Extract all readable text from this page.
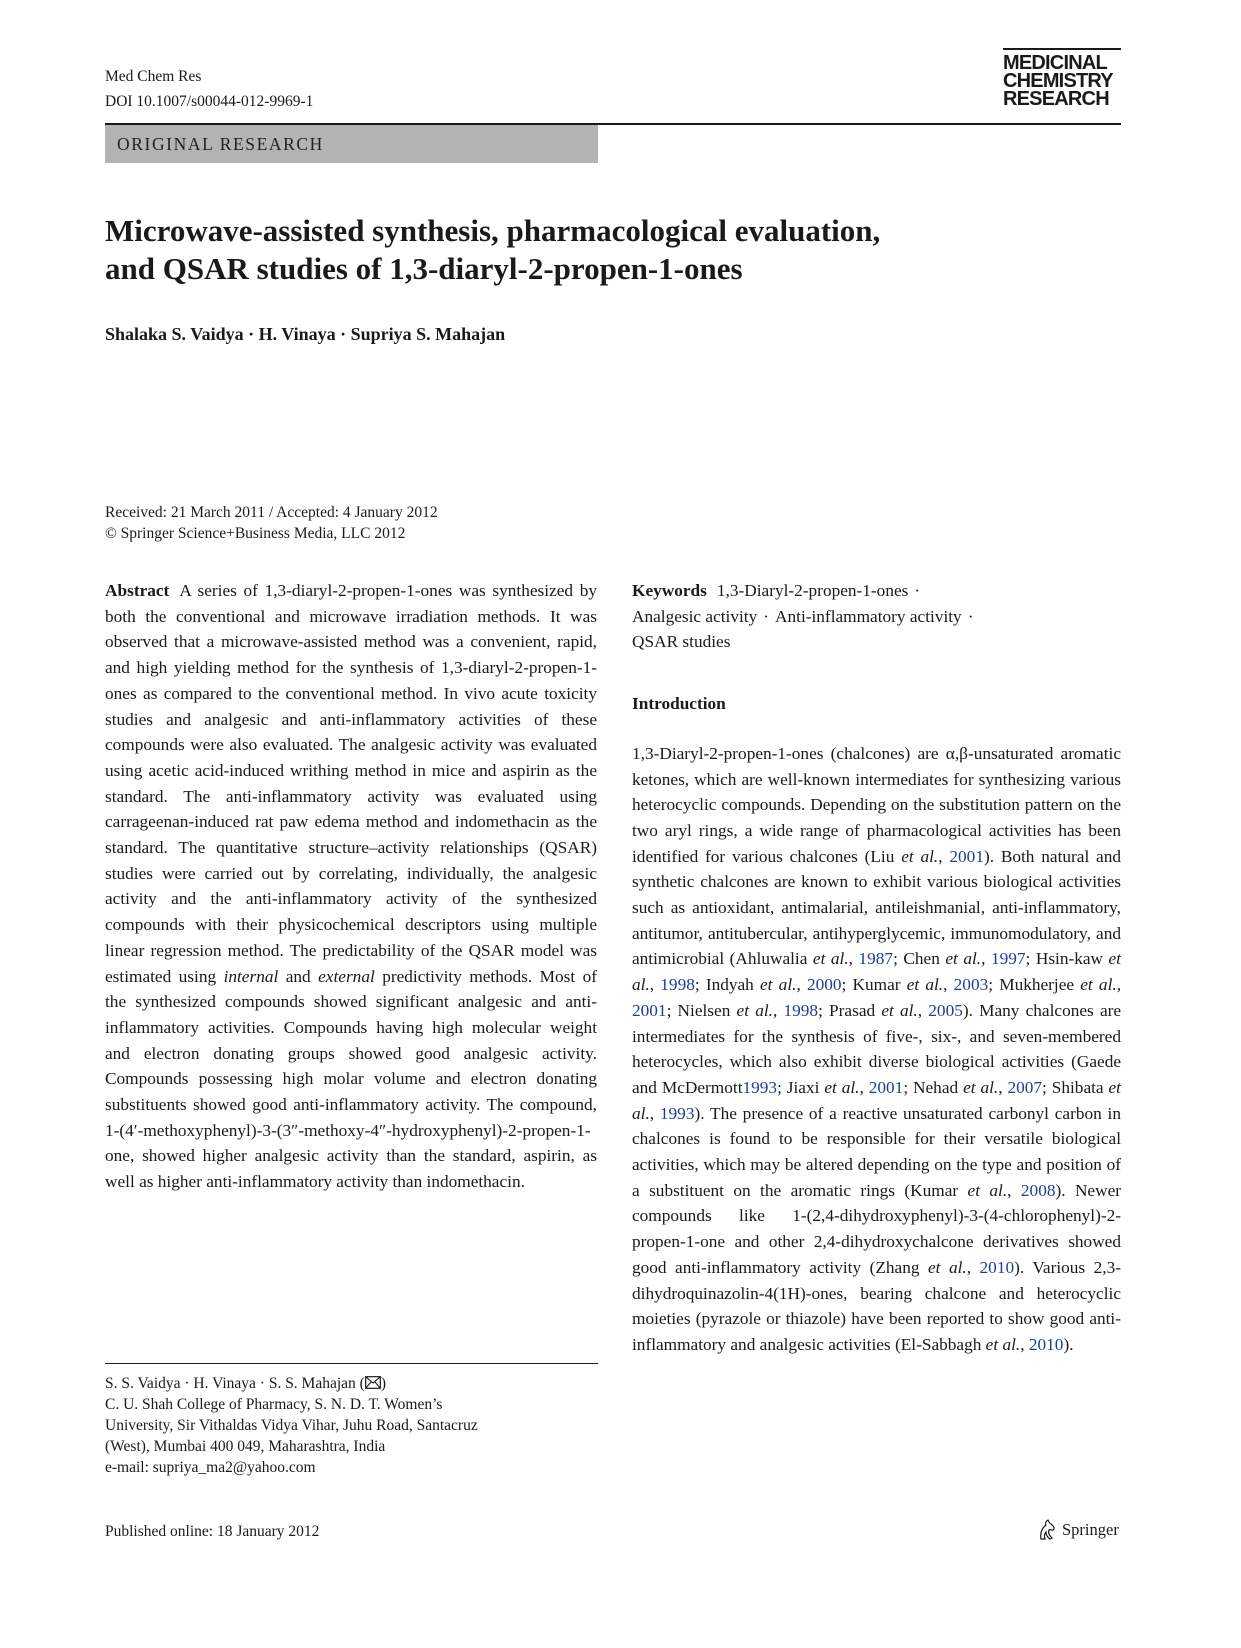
Med Chem Res
DOI 10.1007/s00044-012-9969-1
MEDICINAL
CHEMISTRY
RESEARCH
ORIGINAL RESEARCH
Microwave-assisted synthesis, pharmacological evaluation,
and QSAR studies of 1,3-diaryl-2-propen-1-ones
Shalaka S. Vaidya · H. Vinaya · Supriya S. Mahajan
Received: 21 March 2011 / Accepted: 4 January 2012
© Springer Science+Business Media, LLC 2012

Abstract A series of 1,3-diaryl-2-propen-1-ones was synthesized by both the conventional and microwave irradiation methods. It was observed that a microwave-assisted method was a convenient, rapid, and high yielding method for the synthesis of 1,3-diaryl-2-propen-1-ones as compared to the conventional method. In vivo acute toxicity studies and analgesic and anti-inflammatory activities of these compounds were also evaluated. The analgesic activity was evaluated using acetic acid-induced writhing method in mice and aspirin as the standard. The anti-inflammatory activity was evaluated using carrageenan-induced rat paw edema method and indomethacin as the standard. The quantitative structure–activity relationships (QSAR) studies were carried out by correlating, individually, the analgesic activity and the anti-inflammatory activity of the synthesized compounds with their physicochemical descriptors using multiple linear regression method. The predictability of the QSAR model was estimated using internal and external predictivity methods. Most of the synthesized compounds showed significant analgesic and anti-inflammatory activities. Compounds having high molecular weight and electron donating groups showed good analgesic activity. Compounds possessing high molar volume and electron donating substituents showed good anti-inflammatory activity. The compound, 1-(4′-methoxyphenyl)-3-(3″-methoxy-4″-hydroxyphenyl)-2-propen-1-one, showed higher analgesic activity than the standard, aspirin, as well as higher anti-inflammatory activity than indomethacin.

Keywords 1,3-Diaryl-2-propen-1-ones ·
Analgesic activity · Anti-inflammatory activity ·
QSAR studies

Introduction

1,3-Diaryl-2-propen-1-ones (chalcones) are α,β-unsaturated aromatic ketones, which are well-known intermediates for synthesizing various heterocyclic compounds. Depending on the substitution pattern on the two aryl rings, a wide range of pharmacological activities has been identified for various chalcones (Liu et al., 2001). Both natural and synthetic chalcones are known to exhibit various biological activities such as antioxidant, antimalarial, antileishmanial, anti-inflammatory, antitumor, antitubercular, antihyperglycemic, immunomodulatory, and antimicrobial (Ahluwalia et al., 1987; Chen et al., 1997; Hsin-kaw et al., 1998; Indyah et al., 2000; Kumar et al., 2003; Mukherjee et al., 2001; Nielsen et al., 1998; Prasad et al., 2005). Many chalcones are intermediates for the synthesis of five-, six-, and seven-membered heterocycles, which also exhibit diverse biological activities (Gaede and McDermott1993; Jiaxi et al., 2001; Nehad et al., 2007; Shibata et al., 1993). The presence of a reactive unsaturated carbonyl carbon in chalcones is found to be responsible for their versatile biological activities, which may be altered depending on the type and position of a substituent on the aromatic rings (Kumar et al., 2008). Newer compounds like 1-(2,4-dihydroxyphenyl)-3-(4-chlorophenyl)-2-propen-1-one and other 2,4-dihydroxychalcone derivatives showed good anti-inflammatory activity (Zhang et al., 2010). Various 2,3-dihydroquinazolin-4(1H)-ones, bearing chalcone and heterocyclic moieties (pyrazole or thiazole) have been reported to show good anti-inflammatory and analgesic activities (El-Sabbagh et al., 2010).

S. S. Vaidya · H. Vinaya · S. S. Mahajan ( )
C. U. Shah College of Pharmacy, S. N. D. T. Women’s
University, Sir Vithaldas Vidya Vihar, Juhu Road, Santacruz
(West), Mumbai 400 049, Maharashtra, India
e-mail: supriya_ma2@yahoo.com
Published online: 18 January 2012	Springer
